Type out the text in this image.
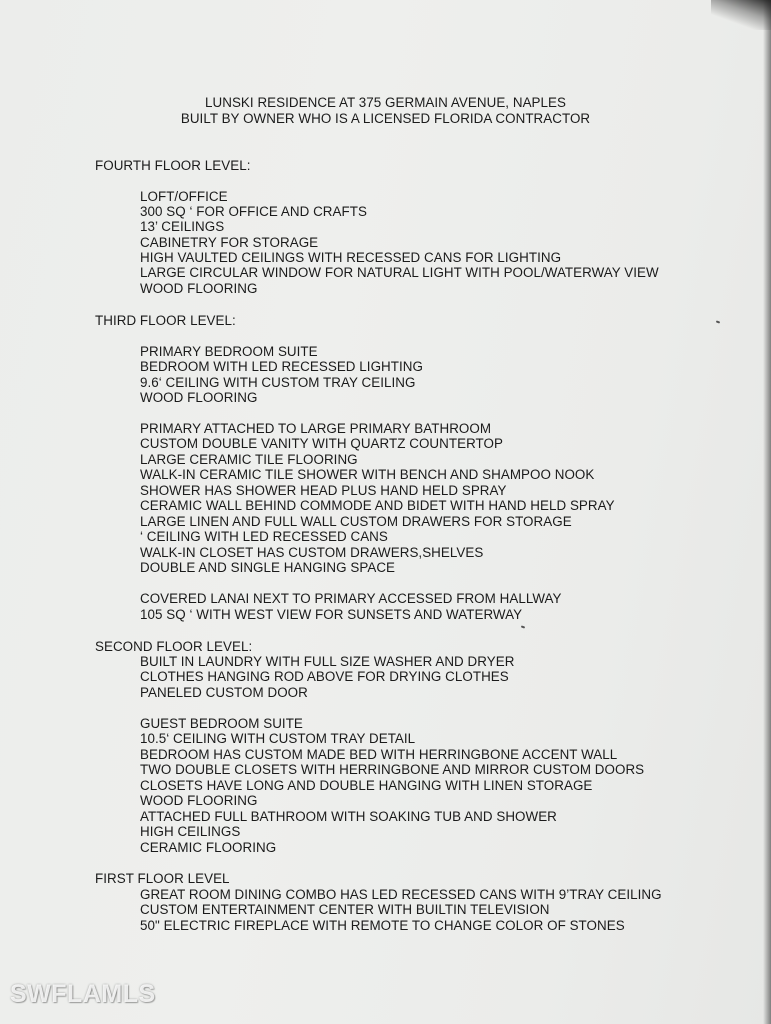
LUNSKI RESIDENCE AT 375 GERMAIN AVENUE, NAPLES
BUILT BY OWNER WHO IS A LICENSED FLORIDA CONTRACTOR
FOURTH FLOOR LEVEL:
LOFT/OFFICE
300 SQ ‘ FOR OFFICE AND CRAFTS
13’ CEILINGS
CABINETRY FOR STORAGE
HIGH VAULTED CEILINGS WITH RECESSED CANS FOR LIGHTING
LARGE CIRCULAR WINDOW FOR NATURAL LIGHT WITH POOL/WATERWAY VIEW
WOOD FLOORING
THIRD FLOOR LEVEL:
PRIMARY BEDROOM SUITE
BEDROOM WITH LED RECESSED LIGHTING
9.6‘ CEILING WITH CUSTOM TRAY CEILING
WOOD FLOORING
PRIMARY ATTACHED TO LARGE PRIMARY BATHROOM
CUSTOM DOUBLE VANITY WITH QUARTZ COUNTERTOP
LARGE CERAMIC TILE FLOORING
WALK-IN CERAMIC TILE SHOWER WITH BENCH AND SHAMPOO NOOK
SHOWER HAS SHOWER HEAD PLUS HAND HELD SPRAY
CERAMIC WALL BEHIND COMMODE AND BIDET WITH HAND HELD SPRAY
LARGE LINEN AND FULL WALL CUSTOM DRAWERS FOR STORAGE
‘ CEILING WITH LED RECESSED CANS
WALK-IN CLOSET HAS CUSTOM DRAWERS,SHELVES
DOUBLE AND SINGLE HANGING SPACE
COVERED LANAI NEXT TO PRIMARY ACCESSED FROM HALLWAY
105 SQ ‘ WITH WEST VIEW FOR SUNSETS AND WATERWAY
SECOND FLOOR LEVEL:
BUILT IN LAUNDRY WITH FULL SIZE WASHER AND DRYER
CLOTHES HANGING ROD ABOVE FOR DRYING CLOTHES
PANELED CUSTOM DOOR
GUEST BEDROOM SUITE
10.5‘ CEILING WITH CUSTOM TRAY DETAIL
BEDROOM HAS CUSTOM MADE BED WITH HERRINGBONE ACCENT WALL
TWO DOUBLE CLOSETS WITH HERRINGBONE AND MIRROR CUSTOM DOORS
CLOSETS HAVE LONG AND DOUBLE HANGING WITH LINEN STORAGE
WOOD FLOORING
ATTACHED FULL BATHROOM WITH SOAKING TUB AND SHOWER
HIGH CEILINGS
CERAMIC FLOORING
FIRST FLOOR LEVEL
GREAT ROOM DINING COMBO HAS LED RECESSED CANS WITH 9’TRAY CEILING
CUSTOM ENTERTAINMENT CENTER WITH BUILTIN TELEVISION
50" ELECTRIC FIREPLACE WITH REMOTE TO CHANGE COLOR OF STONES
SWFLAMLS
